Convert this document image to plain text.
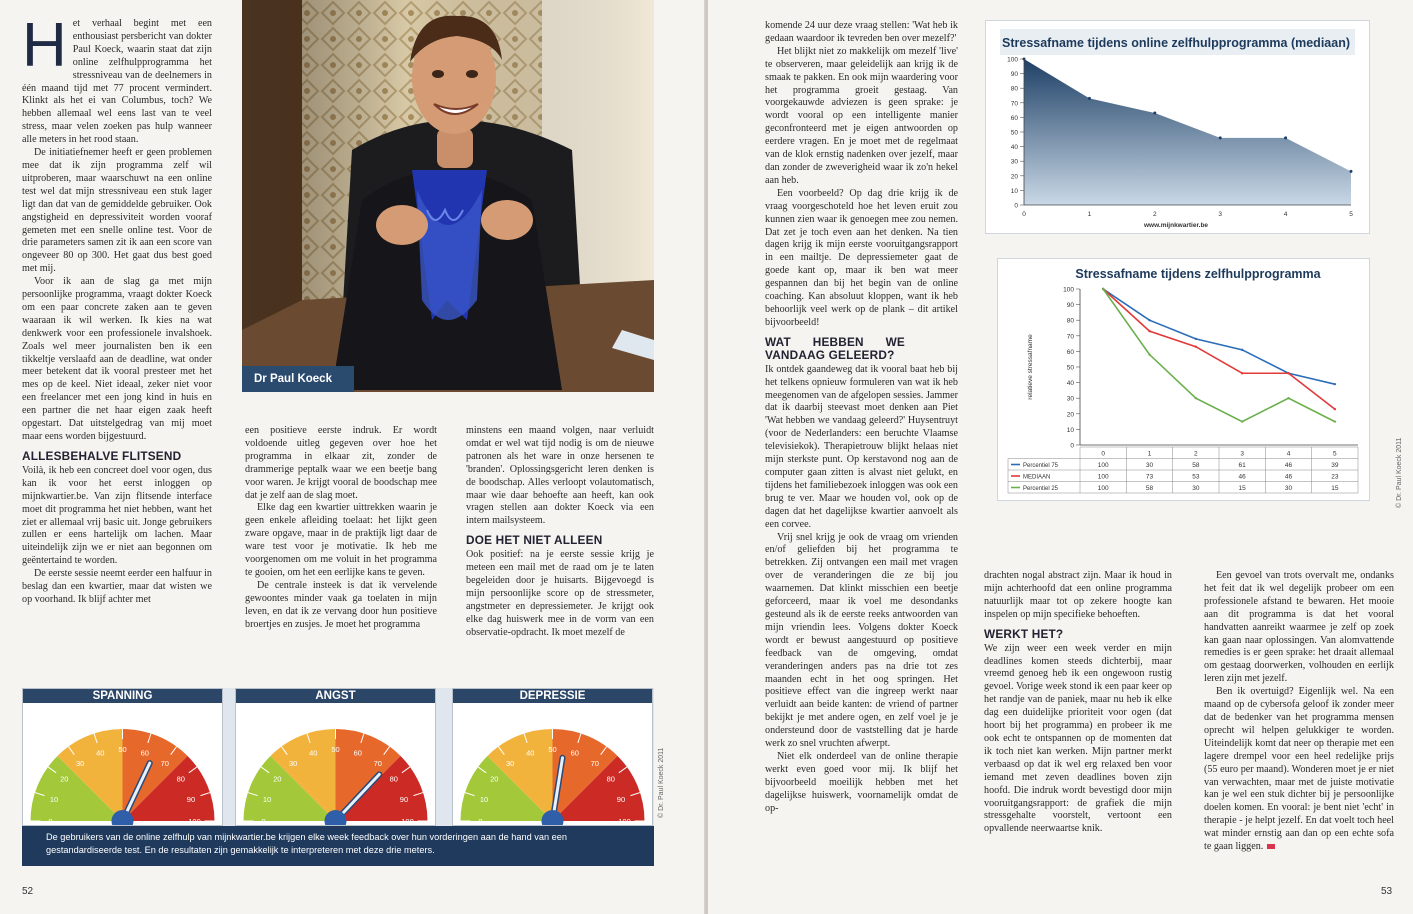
H et verhaal begint met een enthousiast persbericht van dokter Paul Koeck, waarin staat dat zijn online zelfhulpprogramma het stressniveau van de deelnemers in één maand tijd met 77 procent vermindert. Klinkt als het ei van Columbus, toch? We hebben allemaal wel eens last van te veel stress, maar velen zoeken pas hulp wanneer alle meters in het rood staan.

De initiatiefnemer heeft er geen problemen mee dat ik zijn programma zelf wil uitproberen, maar waarschuwt na een online test wel dat mijn stressniveau een stuk lager ligt dan dat van de gemiddelde gebruiker. Ook angstigheid en depressiviteit worden vooraf gemeten met een snelle online test. Voor de drie parameters samen zit ik aan een score van ongeveer 80 op 300. Het gaat dus best goed met mij.

Voor ik aan de slag ga met mijn persoonlijke programma, vraagt dokter Koeck om een paar concrete zaken aan te geven waaraan ik wil werken. Ik kies na wat denkwerk voor een professionele invalshoek. Zoals wel meer journalisten ben ik een tikkeltje verslaafd aan de deadline, wat onder meer betekent dat ik vooral presteer met het mes op de keel. Niet ideaal, zeker niet voor een freelancer met een jong kind in huis en een partner die net haar eigen zaak heeft opgestart. Dat uitstelgedrag van mij moet maar eens worden bijgestuurd.

ALLESBEHALVE FLITSEND

Voilà, ik heb een concreet doel voor ogen, dus kan ik voor het eerst inloggen op mijnkwartier.be. Van zijn flitsende interface moet dit programma het niet hebben, want het ziet er allemaal vrij basic uit. Jonge gebruikers zullen er eens hartelijk om lachen. Maar uiteindelijk zijn we er niet aan begonnen om geëntertaind te worden.

De eerste sessie neemt eerder een halfuur in beslag dan een kwartier, maar dat wisten we op voorhand. Ik blijf achter met

Dr Paul Koeck

een positieve eerste indruk. Er wordt voldoende uitleg gegeven over hoe het programma in elkaar zit, zonder de drammerige peptalk waar we een beetje bang voor waren. Je krijgt vooral de boodschap mee dat je zelf aan de slag moet.

Elke dag een kwartier uittrekken waarin je geen enkele afleiding toelaat: het lijkt geen zware opgave, maar in de praktijk ligt daar de ware test voor je motivatie. Ik heb me voorgenomen om me voluit in het programma te gooien, om het een eerlijke kans te geven.

De centrale insteek is dat ik vervelende gewoontes minder vaak ga toelaten in mijn leven, en dat ik ze vervang door hun positieve broertjes en zusjes. Je moet het programma

minstens een maand volgen, naar verluidt omdat er wel wat tijd nodig is om de nieuwe patronen als het ware in onze hersenen te 'branden'. Oplossingsgericht leren denken is de boodschap. Alles verloopt volautomatisch, maar wie daar behoefte aan heeft, kan ook vragen stellen aan dokter Koeck via een intern mailsysteem.

DOE HET NIET ALLEEN

Ook positief: na je eerste sessie krijg je meteen een mail met de raad om je te laten begeleiden door je huisarts. Bijgevoegd is mijn persoonlijke score op de stressmeter, angstmeter en depressiemeter. Je krijgt ook elke dag huiswerk mee in de vorm van een observatie-opdracht. Ik moet mezelf de

SPANNING
0
10
20
30
40 50 60
70
80
90
100
ANGST
0
10
20
30
40 50 60
70
80
90
100
DEPRESSIE
0
10
20
30
40 50 60
70
80
90
100
De gebruikers van de online zelfhulp van mijnkwartier.be krijgen elke week feedback over hun vorderingen aan de hand van een gestandardiseerde test. En de resultaten zijn gemakkelijk te interpreteren met deze drie meters.
© Dr. Paul Koeck 2011
52

komende 24 uur deze vraag stellen: 'Wat heb ik gedaan waardoor ik tevreden ben over mezelf?'

Het blijkt niet zo makkelijk om mezelf 'live' te observeren, maar geleidelijk aan krijg ik de smaak te pakken. En ook mijn waardering voor het programma groeit gestaag. Van voorgekauwde adviezen is geen sprake: je wordt vooral op een intelligente manier geconfronteerd met je eigen antwoorden op eerdere vragen. En je moet met de regelmaat van de klok ernstig nadenken over jezelf, maar dan zonder de zweverigheid waar ik zo'n hekel aan heb.

Een voorbeeld? Op dag drie krijg ik de vraag voorgeschoteld hoe het leven eruit zou kunnen zien waar ik genoegen mee zou nemen. Dat zet je toch even aan het denken. Na tien dagen krijg ik mijn eerste vooruitgangsrapport in een mailtje. De depressiemeter gaat de goede kant op, maar ik ben wat meer gespannen dan bij het begin van de online coaching. Kan absoluut kloppen, want ik heb behoorlijk veel werk op de plank – dit artikel bijvoorbeeld!

WAT HEBBEN WE VANDAAG GELEERD?

Ik ontdek gaandeweg dat ik vooral baat heb bij het telkens opnieuw formuleren van wat ik heb meegenomen van de afgelopen sessies. Jammer dat ik daarbij steevast moet denken aan Piet 'Wat hebben we vandaag geleerd?' Huysentruyt (voor de Nederlanders: een beruchte Vlaamse televisiekok). Therapietrouw blijkt helaas niet mijn sterkste punt. Op kerstavond nog aan de computer gaan zitten is alvast niet gelukt, en tijdens het familiebezoek inloggen was ook een brug te ver. Maar we houden vol, ook op de dagen dat het dagelijkse kwartier aanvoelt als een corvee.

Vrij snel krijg je ook de vraag om vrienden en/of geliefden bij het programma te betrekken. Zij ontvangen een mail met vragen over de veranderingen die ze bij jou waarnemen. Dat klinkt misschien een beetje geforceerd, maar ik voel me desondanks gesteund als ik de eerste reeks antwoorden van mijn vriendin lees. Volgens dokter Koeck wordt er bewust aangestuurd op positieve feedback van de omgeving, omdat veranderingen anders pas na drie tot zes maanden echt in het oog springen. Het positieve effect van die ingreep werkt naar verluidt aan beide kanten: de vriend of partner bekijkt je met andere ogen, en zelf voel je je ondersteund door de vaststelling dat je harde werk zo snel vruchten afwerpt.

Niet elk onderdeel van de online therapie werkt even goed voor mij. Ik blijf het bijvoorbeeld moeilijk hebben met het dagelijkse huiswerk, voornamelijk omdat de op-

Stressafname tijdens online zelfhulpprogramma (mediaan)
0
10
20
30
40
50
60
70
80
90
100
0	1	2	3	4	5
www.mijnkwartier.be
Stressafname tijdens zelfhulpprogramma
relatieve stressafname
0
10
20
30
40
50
60
70
80
90
100
0	1	2	3	4	5
Percentiel 75	100	30	58	61	46	39
MEDIAAN	100	73	53	46	46	23
Percentiel 25	100	58	30	15	30	15	© Dr. Paul Koeck 2011

drachten nogal abstract zijn. Maar ik houd in mijn achterhoofd dat een online programma natuurlijk maar tot op zekere hoogte kan inspelen op mijn specifieke behoeften.

WERKT HET?

We zijn weer een week verder en mijn deadlines komen steeds dichterbij, maar vreemd genoeg heb ik een ongewoon rustig gevoel. Vorige week stond ik een paar keer op het randje van de paniek, maar nu heb ik elke dag een duidelijke prioriteit voor ogen (dat hoort bij het programma) en probeer ik me ook echt te ontspannen op de momenten dat ik toch niet kan werken. Mijn partner merkt verbaasd op dat ik wel erg relaxed ben voor iemand met zeven deadlines boven zijn hoofd. Die indruk wordt bevestigd door mijn vooruitgangsrapport: de grafiek die mijn stressgehalte voorstelt, vertoont een opvallende neerwaartse knik.

Een gevoel van trots overvalt me, ondanks het feit dat ik wel degelijk probeer om een professionele afstand te bewaren. Het mooie aan dit programma is dat het vooral handvatten aanreikt waarmee je zelf op zoek kan gaan naar oplossingen. Van alomvattende remedies is er geen sprake: het draait allemaal om gestaag doorwerken, volhouden en eerlijk leren zijn met jezelf.

Ben ik overtuigd? Eigenlijk wel. Na een maand op de cybersofa geloof ik zonder meer dat de bedenker van het programma mensen oprecht wil helpen gelukkiger te worden. Uiteindelijk komt dat neer op therapie met een lagere drempel voor een heel redelijke prijs (55 euro per maand). Wonderen moet je er niet van verwachten, maar met de juiste motivatie kan je wel een stuk dichter bij je persoonlijke doelen komen. En vooral: je bent niet 'echt' in therapie - je helpt jezelf. En dat voelt toch heel wat minder ernstig aan dan op een echte sofa te gaan liggen.

53
